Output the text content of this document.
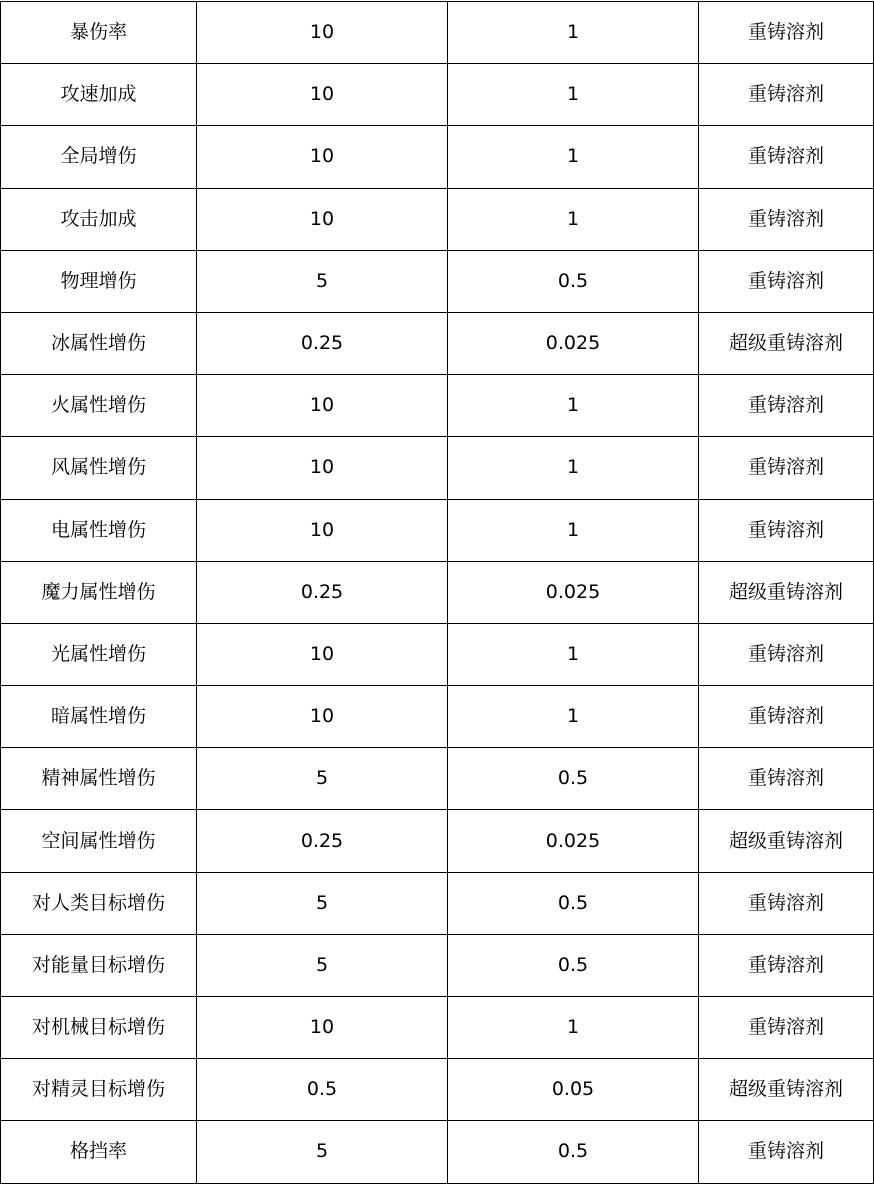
暴伤率	10	1	重铸溶剂
攻速加成	10	1	重铸溶剂
全局增伤	10	1	重铸溶剂
攻击加成	10	1	重铸溶剂
物理增伤	5	0.5	重铸溶剂
冰属性增伤	0.25	0.025	超级重铸溶剂
火属性增伤	10	1	重铸溶剂
风属性增伤	10	1	重铸溶剂
电属性增伤	10	1	重铸溶剂
魔力属性增伤	0.25	0.025	超级重铸溶剂
光属性增伤	10	1	重铸溶剂
暗属性增伤	10	1	重铸溶剂
精神属性增伤	5	0.5	重铸溶剂
空间属性增伤	0.25	0.025	超级重铸溶剂
对人类目标增伤	5	0.5	重铸溶剂
对能量目标增伤	5	0.5	重铸溶剂
对机械目标增伤	10	1	重铸溶剂
对精灵目标增伤	0.5	0.05	超级重铸溶剂
格挡率	5	0.5	重铸溶剂
